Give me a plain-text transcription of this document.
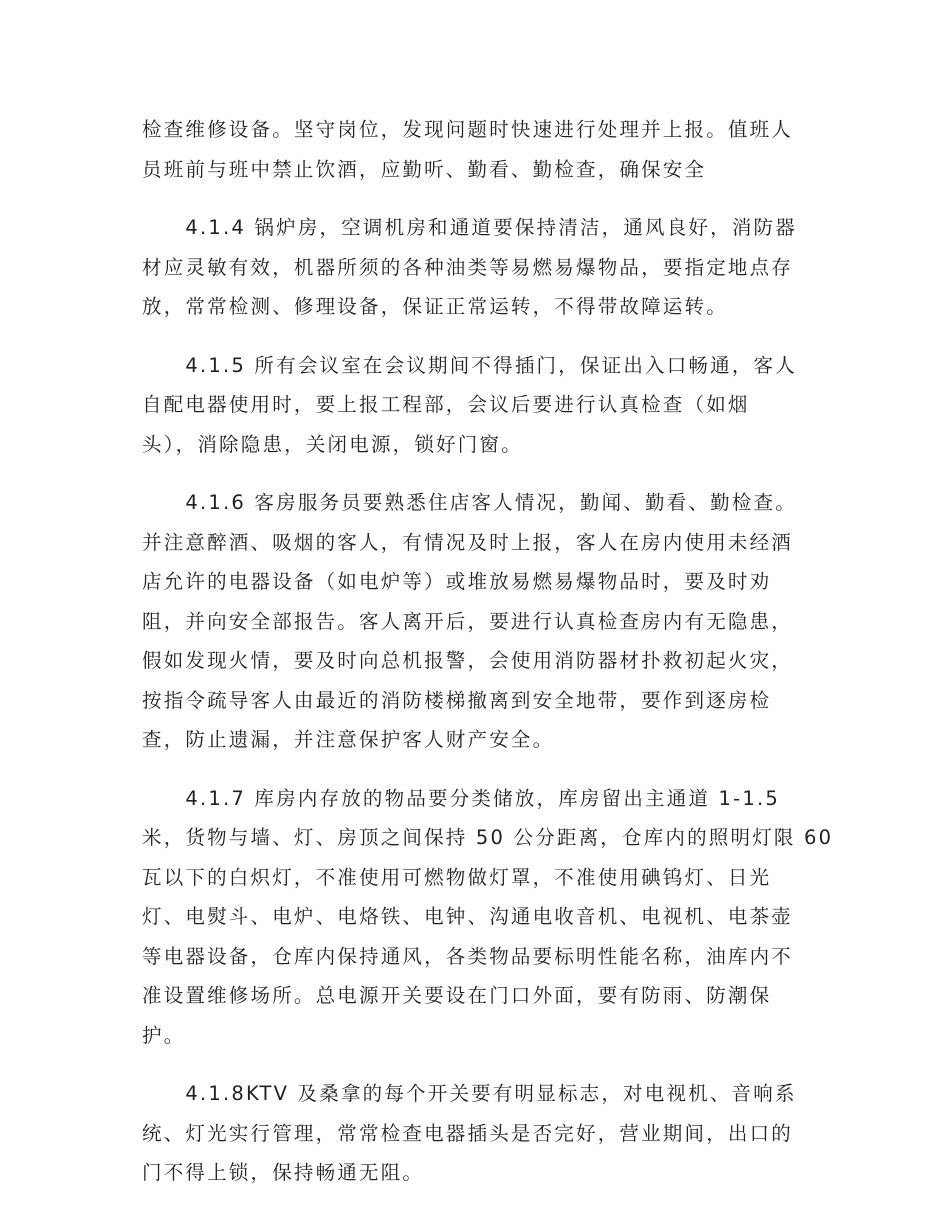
检查维修设备。坚守岗位，发现问题时快速进行处理并上报。值班人
员班前与班中禁止饮酒，应勤听、勤看、勤检查，确保安全

　　4.1.4 锅炉房，空调机房和通道要保持清洁，通风良好，消防器
材应灵敏有效，机器所须的各种油类等易燃易爆物品，要指定地点存
放，常常检测、修理设备，保证正常运转，不得带故障运转。

　　4.1.5 所有会议室在会议期间不得插门，保证出入口畅通，客人
自配电器使用时，要上报工程部，会议后要进行认真检查（如烟
头），消除隐患，关闭电源，锁好门窗。

　　4.1.6 客房服务员要熟悉住店客人情况，勤闻、勤看、勤检查。
并注意醉酒、吸烟的客人，有情况及时上报，客人在房内使用未经酒
店允许的电器设备（如电炉等）或堆放易燃易爆物品时，要及时劝
阻，并向安全部报告。客人离开后，要进行认真检查房内有无隐患，
假如发现火情，要及时向总机报警，会使用消防器材扑救初起火灾，
按指令疏导客人由最近的消防楼梯撤离到安全地带，要作到逐房检
查，防止遗漏，并注意保护客人财产安全。

　　4.1.7 库房内存放的物品要分类储放，库房留出主通道 1-1.5
米，货物与墙、灯、房顶之间保持 50 公分距离，仓库内的照明灯限 60
瓦以下的白炽灯，不准使用可燃物做灯罩，不准使用碘钨灯、日光
灯、电熨斗、电炉、电烙铁、电钟、沟通电收音机、电视机、电茶壶
等电器设备，仓库内保持通风，各类物品要标明性能名称，油库内不
准设置维修场所。总电源开关要设在门口外面，要有防雨、防潮保
护。

　　4.1.8KTV 及桑拿的每个开关要有明显标志，对电视机、音响系
统、灯光实行管理，常常检查电器插头是否完好，营业期间，出口的
门不得上锁，保持畅通无阻。
